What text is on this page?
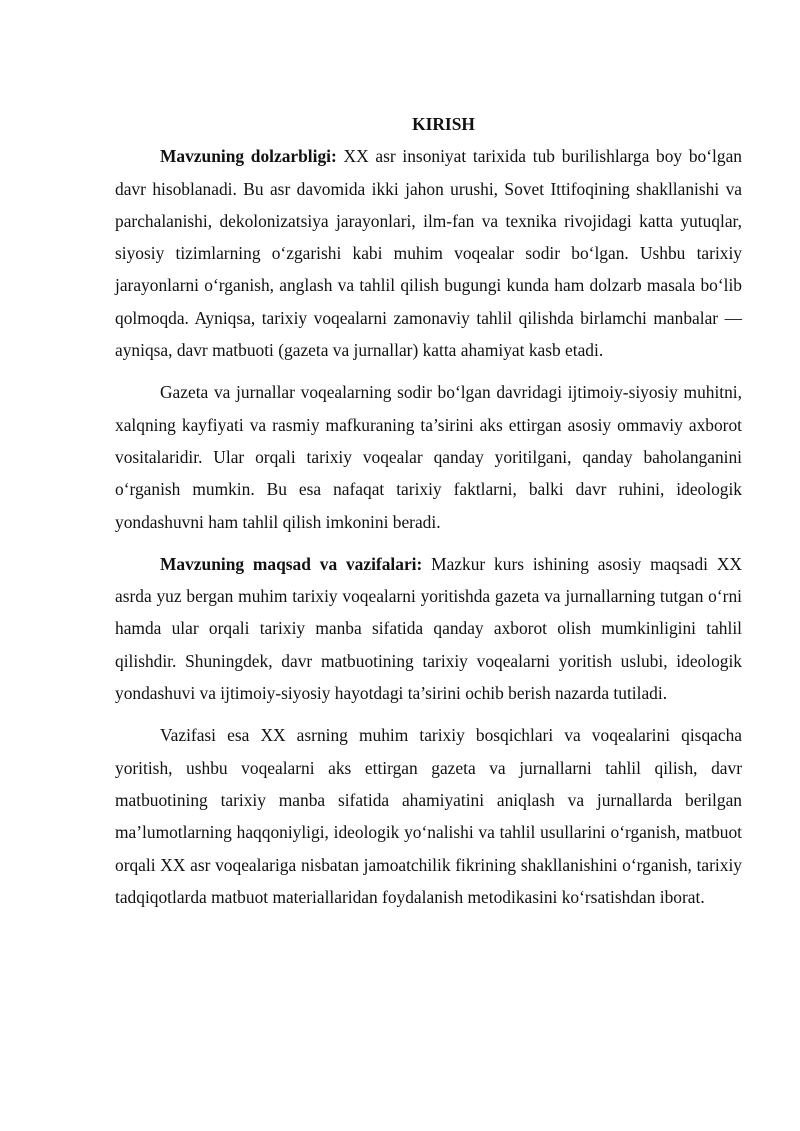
KIRISH

Mavzuning dolzarbligi: XX asr insoniyat tarixida tub burilishlarga boy boʻlgan davr hisoblanadi. Bu asr davomida ikki jahon urushi, Sovet Ittifoqining shakllanishi va parchalanishi, dekolonizatsiya jarayonlari, ilm-fan va texnika rivojidagi katta yutuqlar, siyosiy tizimlarning oʻzgarishi kabi muhim voqealar sodir boʻlgan. Ushbu tarixiy jarayonlarni oʻrganish, anglash va tahlil qilish bugungi kunda ham dolzarb masala boʻlib qolmoqda. Ayniqsa, tarixiy voqealarni zamonaviy tahlil qilishda birlamchi manbalar — ayniqsa, davr matbuoti (gazeta va jurnallar) katta ahamiyat kasb etadi.

Gazeta va jurnallar voqealarning sodir boʻlgan davridagi ijtimoiy-siyosiy muhitni, xalqning kayfiyati va rasmiy mafkuraning ta’sirini aks ettirgan asosiy ommaviy axborot vositalaridir. Ular orqali tarixiy voqealar qanday yoritilgani, qanday baholanganini oʻrganish mumkin. Bu esa nafaqat tarixiy faktlarni, balki davr ruhini, ideologik yondashuvni ham tahlil qilish imkonini beradi.

Mavzuning maqsad va vazifalari: Mazkur kurs ishining asosiy maqsadi XX asrda yuz bergan muhim tarixiy voqealarni yoritishda gazeta va jurnallarning tutgan oʻrni hamda ular orqali tarixiy manba sifatida qanday axborot olish mumkinligini tahlil qilishdir. Shuningdek, davr matbuotining tarixiy voqealarni yoritish uslubi, ideologik yondashuvi va ijtimoiy-siyosiy hayotdagi ta’sirini ochib berish nazarda tutiladi.

Vazifasi esa XX asrning muhim tarixiy bosqichlari va voqealarini qisqacha yoritish, ushbu voqealarni aks ettirgan gazeta va jurnallarni tahlil qilish, davr matbuotining tarixiy manba sifatida ahamiyatini aniqlash va jurnallarda berilgan ma’lumotlarning haqqoniyligi, ideologik yoʻnalishi va tahlil usullarini oʻrganish, matbuot orqali XX asr voqealariga nisbatan jamoatchilik fikrining shakllanishini oʻrganish, tarixiy tadqiqotlarda matbuot materiallaridan foydalanish metodikasini koʻrsatishdan iborat.
